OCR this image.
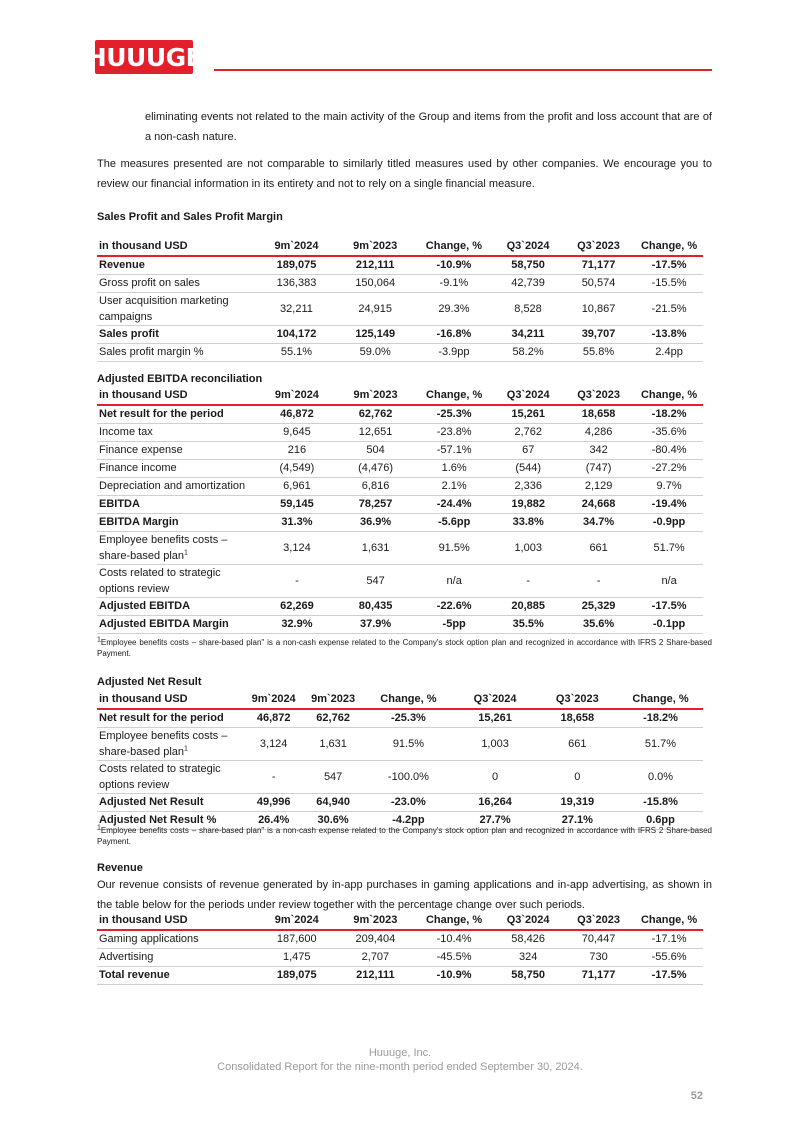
HUUUGE

eliminating events not related to the main activity of the Group and items from the profit and loss account that are of a non-cash nature.

The measures presented are not comparable to similarly titled measures used by other companies. We encourage you to review our financial information in its entirety and not to rely on a single financial measure.

Sales Profit and Sales Profit Margin
in thousand USD	9m`2024	9m`2023	Change, %	Q3`2024	Q3`2023	Change, %
Revenue	189,075	212,111	-10.9%	58,750	71,177	-17.5%
Gross profit on sales	136,383	150,064	-9.1%	42,739	50,574	-15.5%
User acquisition marketing campaigns	32,211	24,915	29.3%	8,528	10,867	-21.5%
Sales profit	104,172	125,149	-16.8%	34,211	39,707	-13.8%
Sales profit margin %	55.1%	59.0%	-3.9pp	58.2%	55.8%	2.4pp
Adjusted EBITDA reconciliation
in thousand USD	9m`2024	9m`2023	Change, %	Q3`2024	Q3`2023	Change, %
Net result for the period	46,872	62,762	-25.3%	15,261	18,658	-18.2%
Income tax	9,645	12,651	-23.8%	2,762	4,286	-35.6%
Finance expense	216	504	-57.1%	67	342	-80.4%
Finance income	(4,549)	(4,476)	1.6%	(544)	(747)	-27.2%
Depreciation and amortization	6,961	6,816	2.1%	2,336	2,129	9.7%
EBITDA	59,145	78,257	-24.4%	19,882	24,668	-19.4%
EBITDA Margin	31.3%	36.9%	-5.6pp	33.8%	34.7%	-0.9pp
Employee benefits costs – share-based plan$^1$	3,124	1,631	91.5%	1,003	661	51.7%
Costs related to strategic options review	-	547	n/a	-	-	n/a
Adjusted EBITDA	62,269	80,435	-22.6%	20,885	25,329	-17.5%
Adjusted EBITDA Margin	32.9%	37.9%	-5pp	35.5%	35.6%	-0.1pp
$^1$Employee benefits costs – share-based plan" is a non-cash expense related to the Company's stock option plan and recognized in accordance with IFRS 2 Share-based Payment.
Adjusted Net Result
in thousand USD	9m`2024	9m`2023	Change, %	Q3`2024	Q3`2023	Change, %
Net result for the period	46,872	62,762	-25.3%	15,261	18,658	-18.2%
Employee benefits costs – share-based plan$^1$	3,124	1,631	91.5%	1,003	661	51.7%
Costs related to strategic options review	-	547	-100.0%	0	0	0.0%
Adjusted Net Result	49,996	64,940	-23.0%	16,264	19,319	-15.8%
Adjusted Net Result %	26.4%	30.6%	-4.2pp	27.7%	27.1%	0.6pp
$^1$Employee benefits costs – share-based plan" is a non-cash expense related to the Company's stock option plan and recognized in accordance with IFRS 2 Share-based Payment.
Revenue

Our revenue consists of revenue generated by in-app purchases in gaming applications and in-app advertising, as shown in the table below for the periods under review together with the percentage change over such periods.

in thousand USD	9m`2024	9m`2023	Change, %	Q3`2024	Q3`2023	Change, %
Gaming applications	187,600	209,404	-10.4%	58,426	70,447	-17.1%
Advertising	1,475	2,707	-45.5%	324	730	-55.6%
Total revenue	189,075	212,111	-10.9%	58,750	71,177	-17.5%
Huuuge, Inc.
Consolidated Report for the nine-month period ended September 30, 2024.
52
